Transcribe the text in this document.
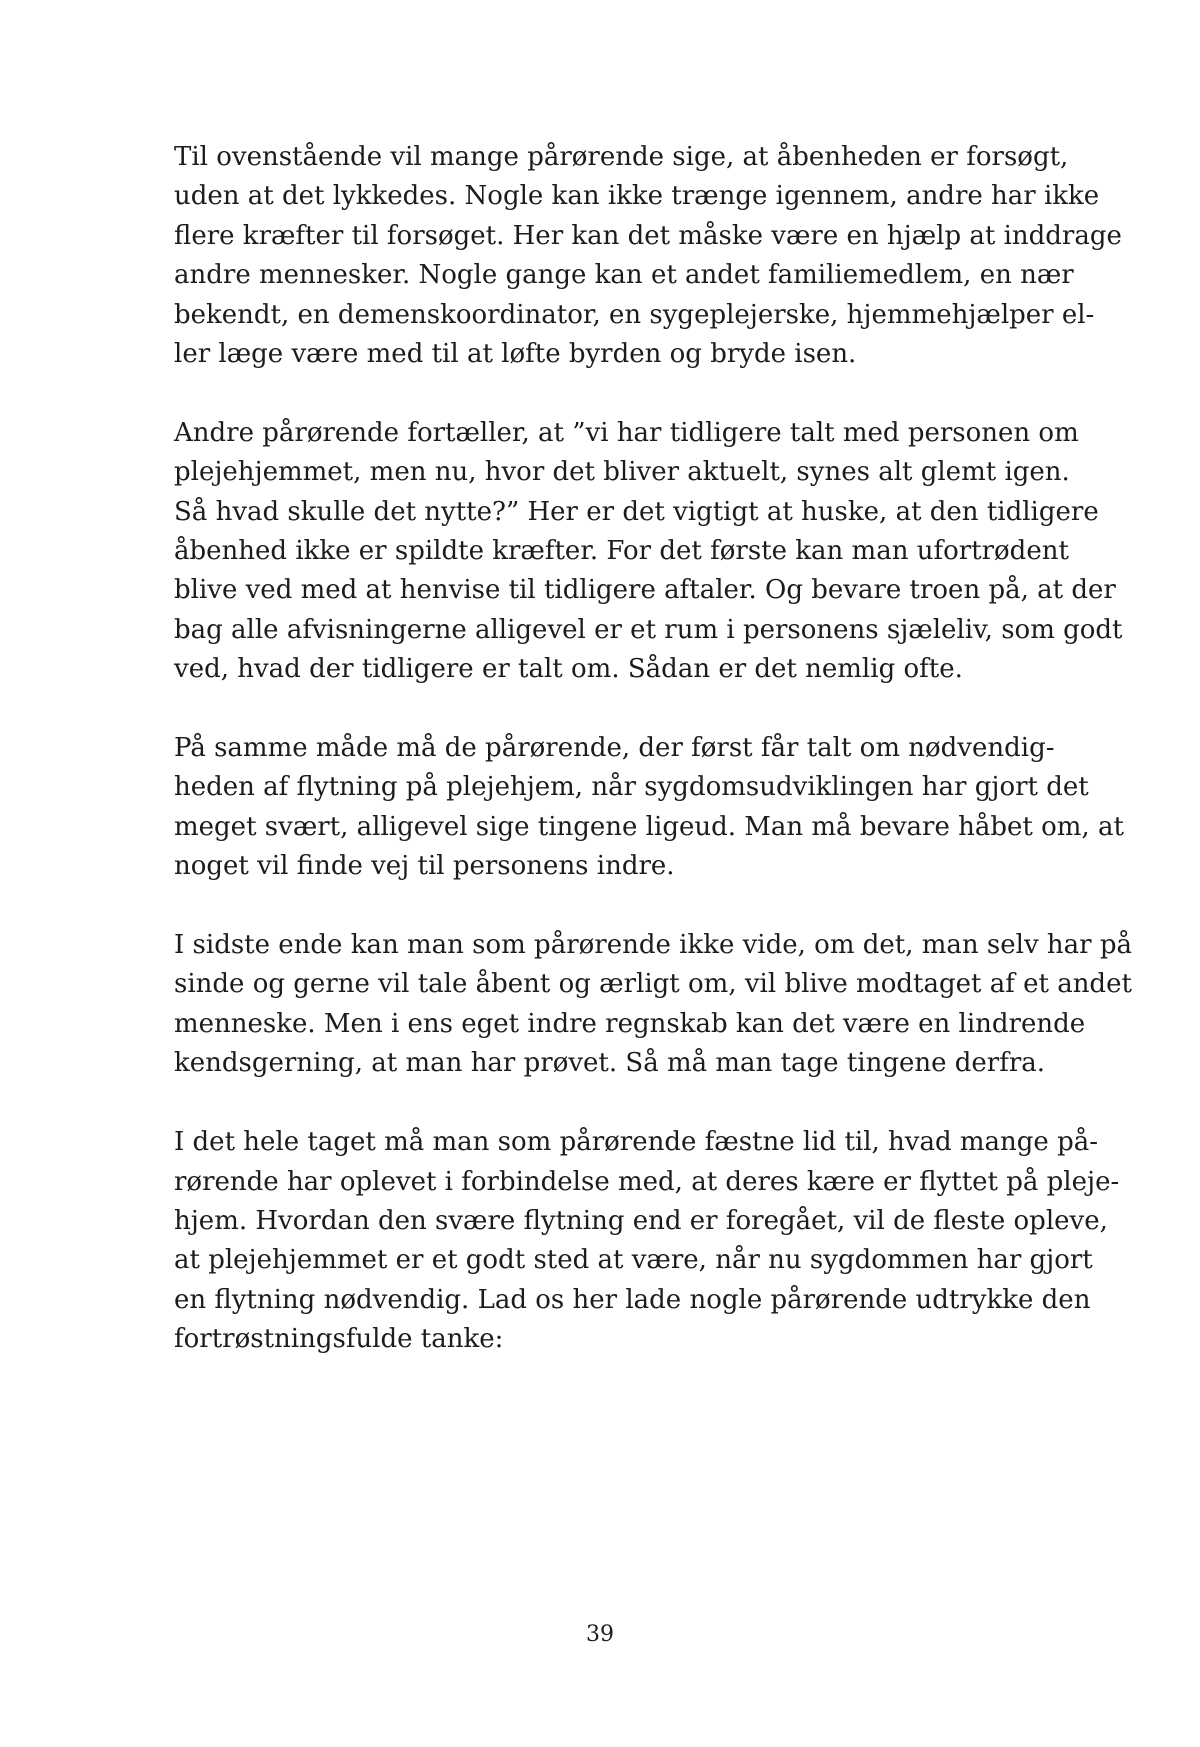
Til ovenstående vil mange pårørende sige, at åbenheden er forsøgt,
uden at det lykkedes. Nogle kan ikke trænge igennem, andre har ikke
flere kræfter til forsøget. Her kan det måske være en hjælp at inddrage
andre mennesker. Nogle gange kan et andet familiemedlem, en nær
bekendt, en demenskoordinator, en sygeplejerske, hjemmehjælper el-
ler læge være med til at løfte byrden og bryde isen.

Andre pårørende fortæller, at ”vi har tidligere talt med personen om
plejehjemmet, men nu, hvor det bliver aktuelt, synes alt glemt igen.
Så hvad skulle det nytte?” Her er det vigtigt at huske, at den tidligere
åbenhed ikke er spildte kræfter. For det første kan man ufortrødent
blive ved med at henvise til tidligere aftaler. Og bevare troen på, at der
bag alle afvisningerne alligevel er et rum i personens sjæleliv, som godt
ved, hvad der tidligere er talt om. Sådan er det nemlig ofte.

På samme måde må de pårørende, der først får talt om nødvendig-
heden af flytning på plejehjem, når sygdomsudviklingen har gjort det
meget svært, alligevel sige tingene ligeud. Man må bevare håbet om, at
noget vil finde vej til personens indre.

I sidste ende kan man som pårørende ikke vide, om det, man selv har på
sinde og gerne vil tale åbent og ærligt om, vil blive modtaget af et andet
menneske. Men i ens eget indre regnskab kan det være en lindrende
kendsgerning, at man har prøvet. Så må man tage tingene derfra.

I det hele taget må man som pårørende fæstne lid til, hvad mange på-
rørende har oplevet i forbindelse med, at deres kære er flyttet på pleje-
hjem. Hvordan den svære flytning end er foregået, vil de fleste opleve,
at plejehjemmet er et godt sted at være, når nu sygdommen har gjort
en flytning nødvendig. Lad os her lade nogle pårørende udtrykke den
fortrøstningsfulde tanke:

39
